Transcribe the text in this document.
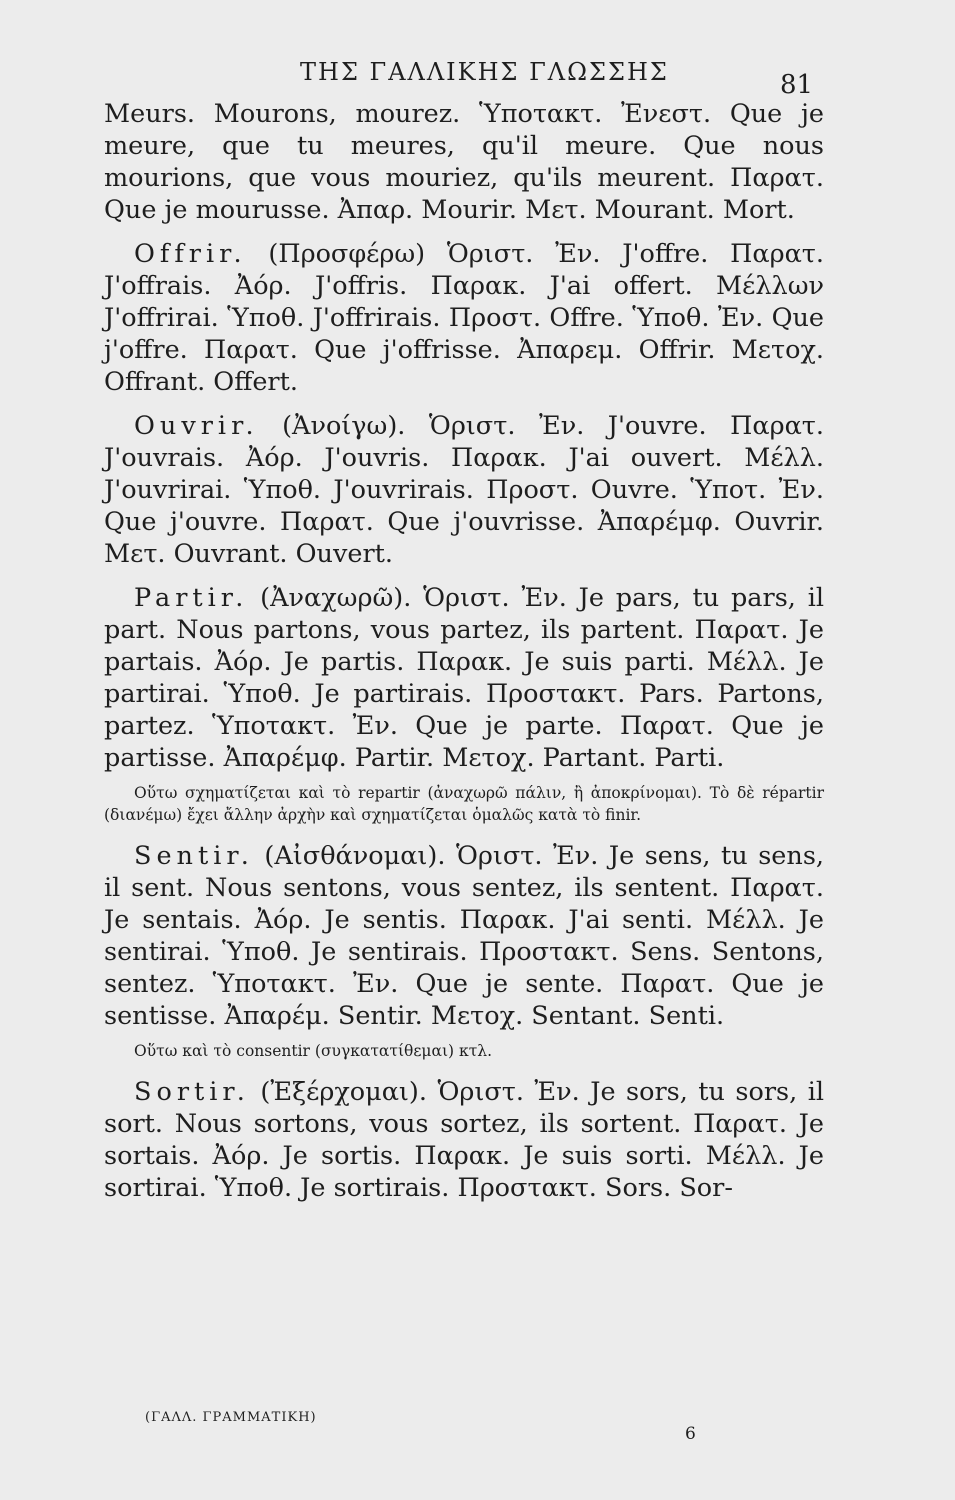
ΤΗΣ ΓΑΛΛΙΚΗΣ ΓΛΩΣΣΗΣ	81

Meurs. Mourons, mourez. Ὑποτακτ. Ἐνεστ. Que je meure, que tu meures, qu'il meure. Que nous mourions, que vous mouriez, qu'ils meurent. Παρατ. Que je mourusse. Ἀπαρ. Mourir. Μετ. Mourant. Mort.

Offrir. (Προσφέρω) Ὁριστ. Ἐν. J'offre. Παρατ. J'offrais. Ἀόρ. J'offris. Παρακ. J'ai offert. Μέλλων J'offrirai. Ὑποθ. J'offrirais. Προστ. Offre. Ὑποθ. Ἐν. Que j'offre. Παρατ. Que j'offrisse. Ἀπαρεμ. Offrir. Μετοχ. Offrant. Offert.

Ouvrir. (Ἀνοίγω). Ὁριστ. Ἐν. J'ouvre. Παρατ. J'ouvrais. Ἀόρ. J'ouvris. Παρακ. J'ai ouvert. Μέλλ. J'ouvrirai. Ὑποθ. J'ouvrirais. Προστ. Ouvre. Ὑποτ. Ἐν. Que j'ouvre. Παρατ. Que j'ouvrisse. Ἀπαρέμφ. Ouvrir. Μετ. Ouvrant. Ouvert.

Partir. (Ἀναχωρῶ). Ὁριστ. Ἐν. Je pars, tu pars, il part. Nous partons, vous partez, ils partent. Παρατ. Je partais. Ἀόρ. Je partis. Παρακ. Je suis parti. Μέλλ. Je partirai. Ὑποθ. Je partirais. Προστακτ. Pars. Partons, partez. Ὑποτακτ. Ἐν. Que je parte. Παρατ. Que je partisse. Ἀπαρέμφ. Partir. Μετοχ. Partant. Parti.

Οὕτω σχηματίζεται καὶ τὸ repartir (ἀναχωρῶ πάλιν, ἢ ἀποκρίνομαι). Τὸ δὲ répartir (διανέμω) ἔχει ἄλλην ἀρχὴν καὶ σχηματίζεται ὁμαλῶς κατὰ τὸ finir.

Sentir. (Αἰσθάνομαι). Ὁριστ. Ἐν. Je sens, tu sens, il sent. Nous sentons, vous sentez, ils sentent. Παρατ. Je sentais. Ἀόρ. Je sentis. Παρακ. J'ai senti. Μέλλ. Je sentirai. Ὑποθ. Je sentirais. Προστακτ. Sens. Sentons, sentez. Ὑποτακτ. Ἐν. Que je sente. Παρατ. Que je sentisse. Ἀπαρέμ. Sentir. Μετοχ. Sentant. Senti.

Οὕτω καὶ τὸ consentir (συγκατατίθεμαι) κτλ.

Sortir. (Ἐξέρχομαι). Ὁριστ. Ἐν. Je sors, tu sors, il sort. Nous sortons, vous sortez, ils sortent. Παρατ. Je sortais. Ἀόρ. Je sortis. Παρακ. Je suis sorti. Μέλλ. Je sortirai. Ὑποθ. Je sortirais. Προστακτ. Sors. Sor-

(ΓΑΛΛ. ΓΡΑΜΜΑΤΙΚΗ)
6
